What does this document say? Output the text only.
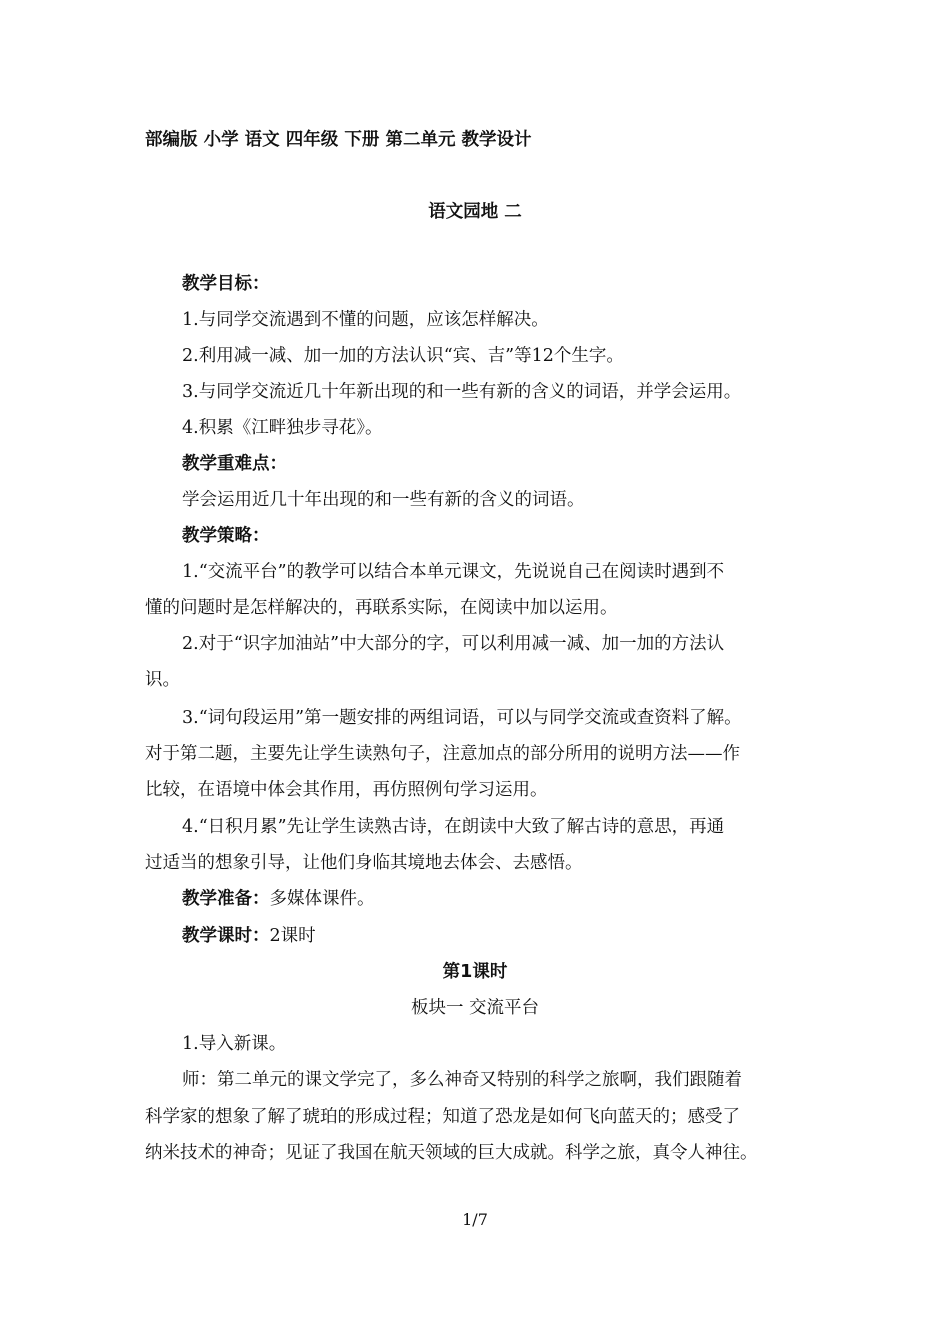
部编版 小学 语文 四年级 下册 第二单元 教学设计
语文园地 二
教学目标：
1.与同学交流遇到不懂的问题，应该怎样解决。
2.利用减一减、加一加的方法认识“宾、吉”等12个生字。
3.与同学交流近几十年新出现的和一些有新的含义的词语，并学会运用。
4.积累《江畔独步寻花》。
教学重难点：
学会运用近几十年出现的和一些有新的含义的词语。
教学策略：
1.“交流平台”的教学可以结合本单元课文，先说说自己在阅读时遇到不
懂的问题时是怎样解决的，再联系实际，在阅读中加以运用。
2.对于“识字加油站”中大部分的字，可以利用减一减、加一加的方法认
识。
3.“词句段运用”第一题安排的两组词语，可以与同学交流或查资料了解。
对于第二题，主要先让学生读熟句子，注意加点的部分所用的说明方法——作
比较，在语境中体会其作用，再仿照例句学习运用。
4.“日积月累”先让学生读熟古诗，在朗读中大致了解古诗的意思，再通
过适当的想象引导，让他们身临其境地去体会、去感悟。
教学准备：多媒体课件。
教学课时：2课时
第1课时
板块一 交流平台
1.导入新课。
师：第二单元的课文学完了，多么神奇又特别的科学之旅啊，我们跟随着
科学家的想象了解了琥珀的形成过程；知道了恐龙是如何飞向蓝天的；感受了
纳米技术的神奇；见证了我国在航天领域的巨大成就。科学之旅，真令人神往。
1/7
